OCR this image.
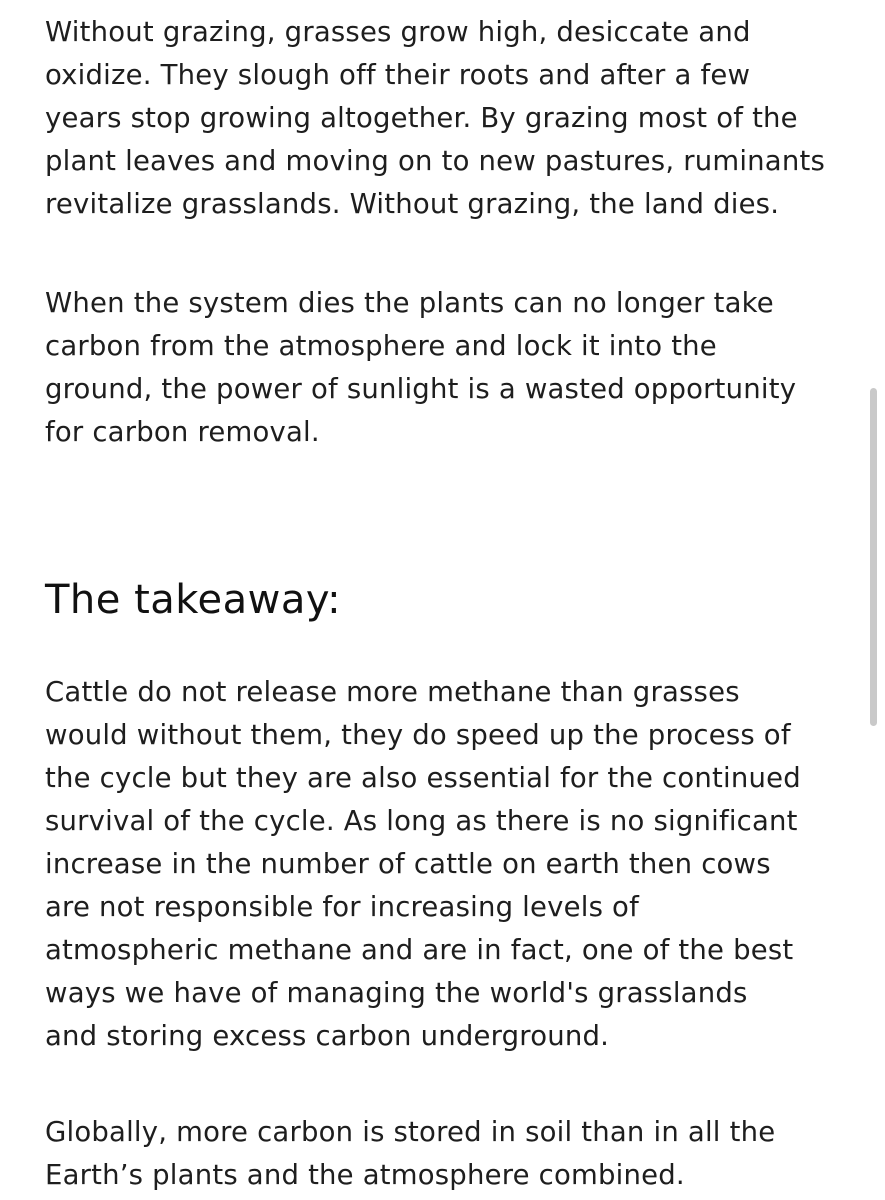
Without grazing, grasses grow high, desiccate and
oxidize. They slough off their roots and after a few
years stop growing altogether. By grazing most of the
plant leaves and moving on to new pastures, ruminants
revitalize grasslands. Without grazing, the land dies.

When the system dies the plants can no longer take
carbon from the atmosphere and lock it into the
ground, the power of sunlight is a wasted opportunity
for carbon removal.

The takeaway:

Cattle do not release more methane than grasses
would without them, they do speed up the process of
the cycle but they are also essential for the continued
survival of the cycle. As long as there is no significant
increase in the number of cattle on earth then cows
are not responsible for increasing levels of
atmospheric methane and are in fact, one of the best
ways we have of managing the world's grasslands
and storing excess carbon underground.

Globally, more carbon is stored in soil than in all the
Earth’s plants and the atmosphere combined.
